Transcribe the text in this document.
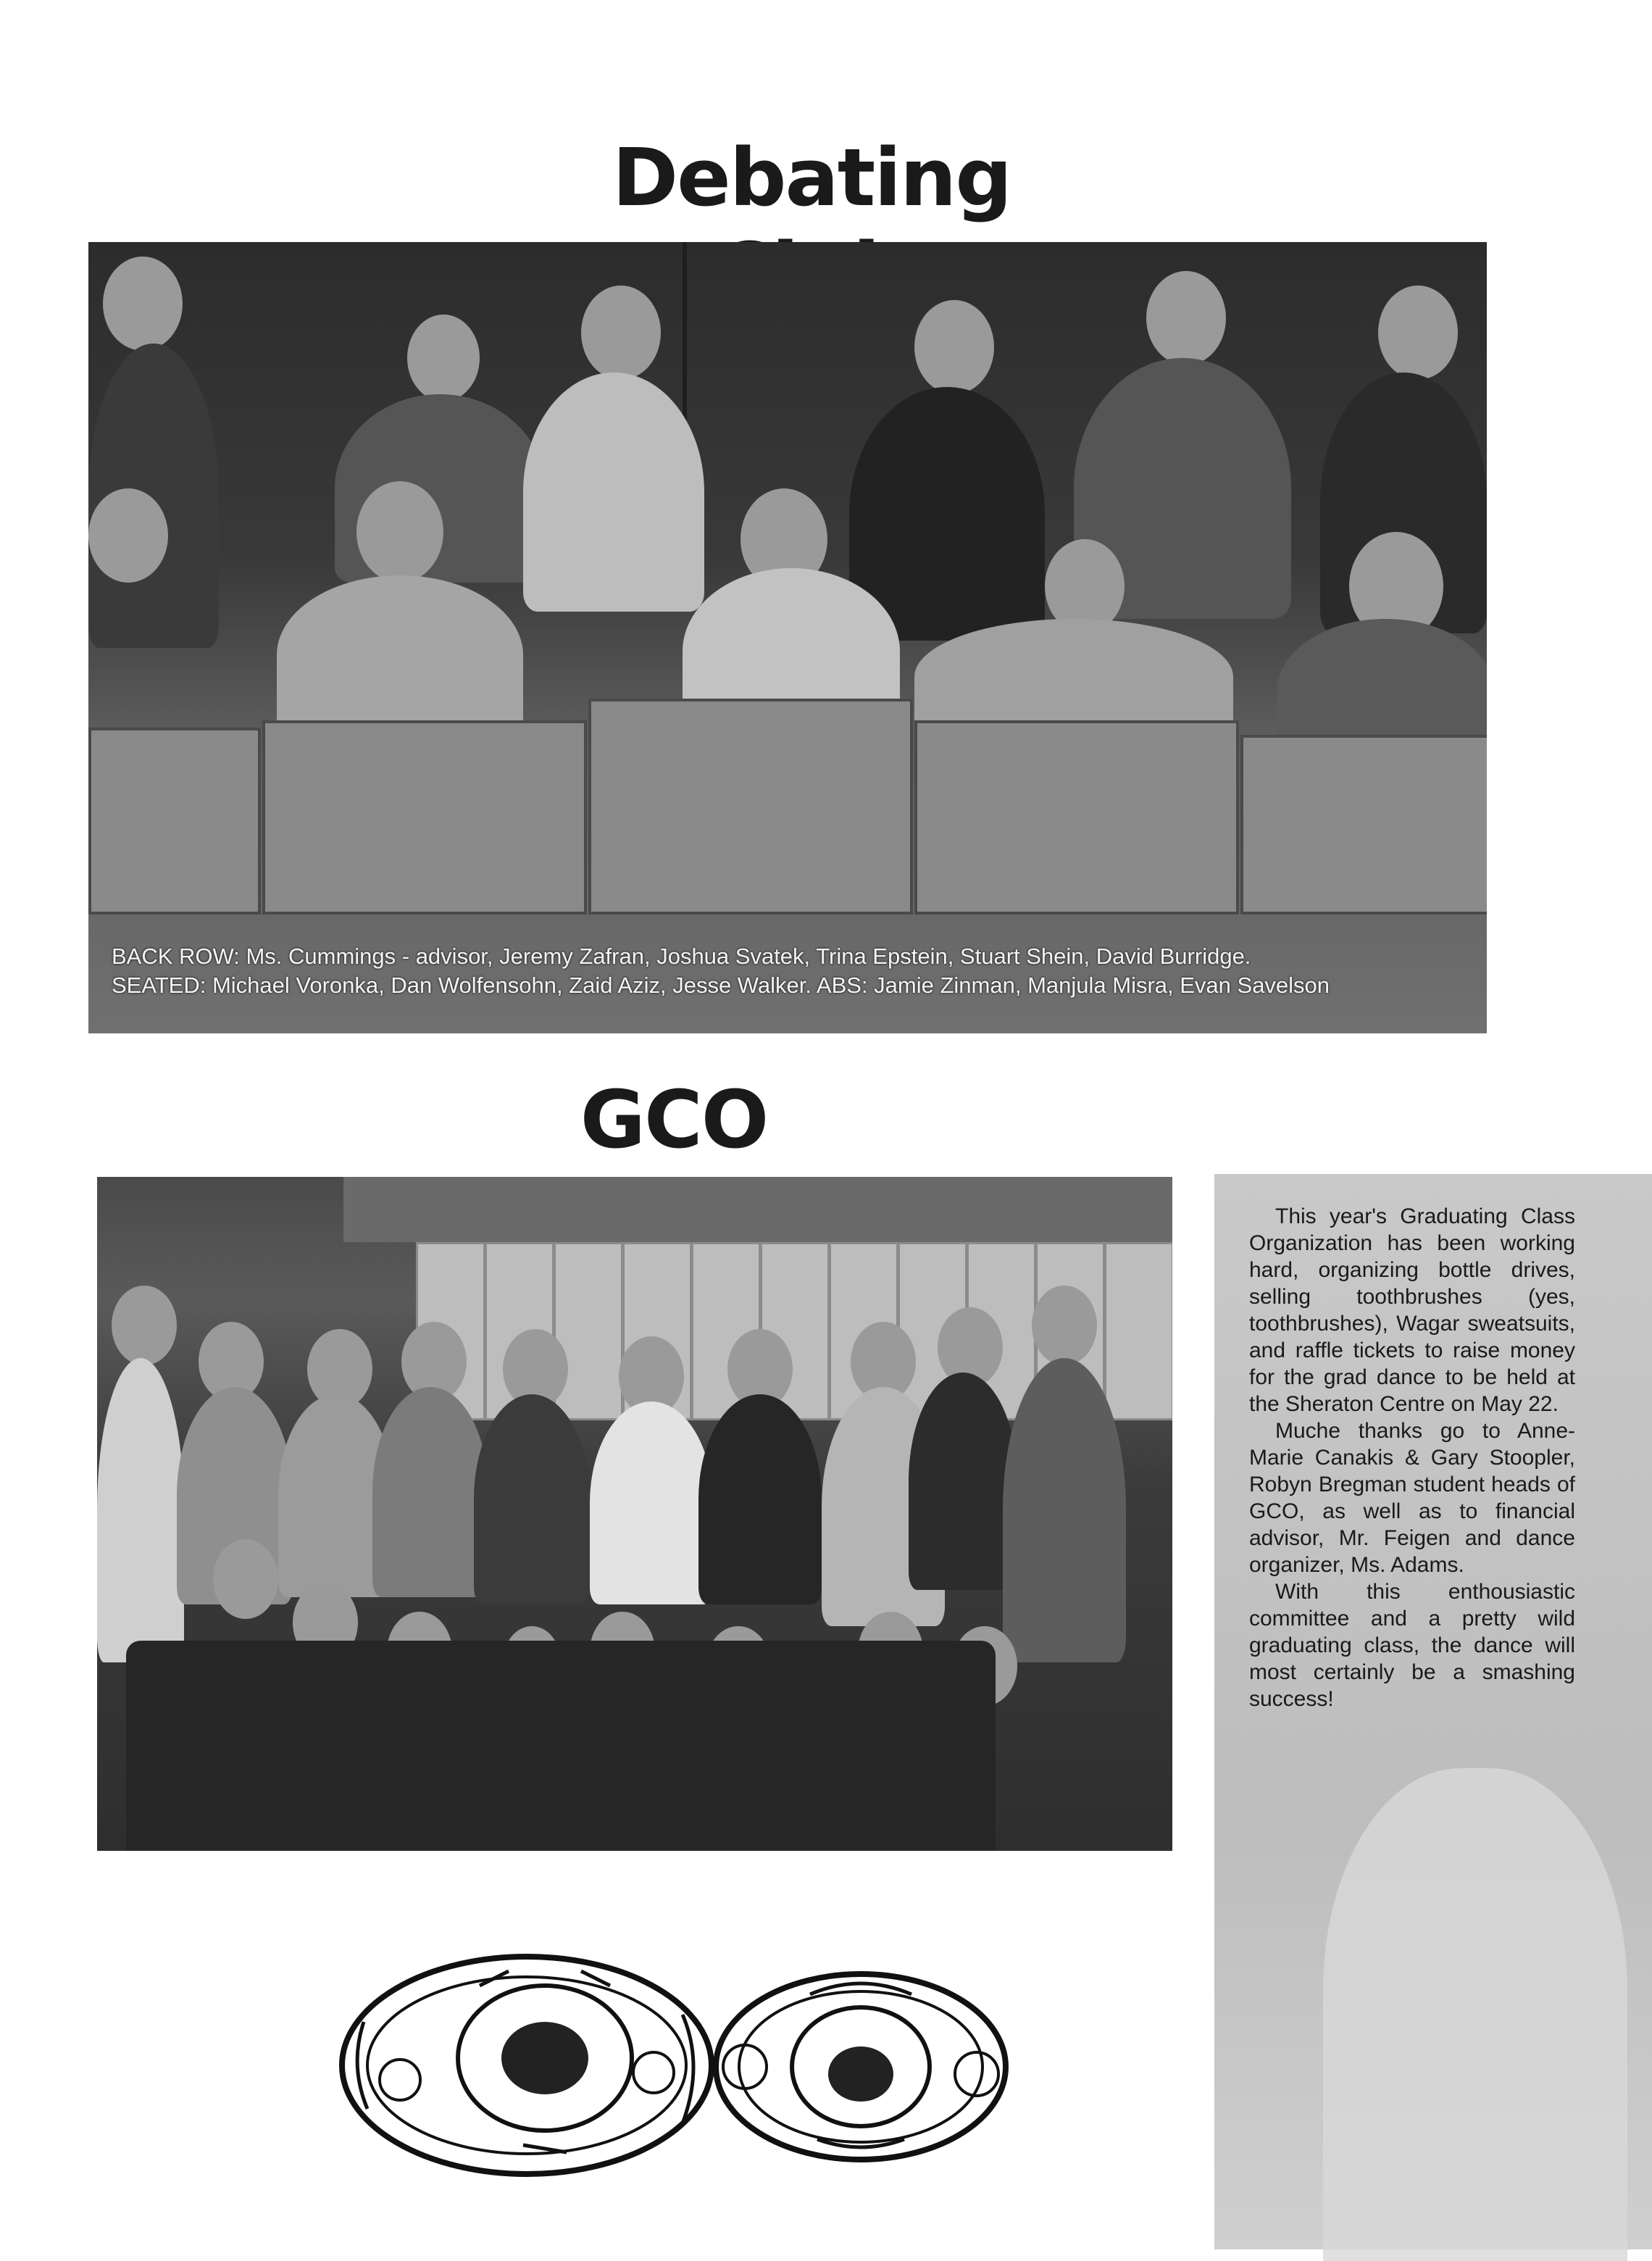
Debating
BACK ROW: Ms. Cummings - advisor, Jeremy Zafran, Joshua Svatek, Trina Epstein, Stuart Shein, David Burridge.
SEATED: Michael Voronka, Dan Wolfensohn, Zaid Aziz, Jesse Walker. ABS: Jamie Zinman, Manjula Misra, Evan Savelson
GCO

This year's Graduating Class Organization has been working hard, organizing bottle drives, selling toothbrushes (yes, toothbrushes), Wagar sweatsuits, and raffle tickets to raise money for the grad dance to be held at the Sheraton Centre on May 22.

Muche thanks go to Anne-Marie Canakis & Gary Stoopler, Robyn Bregman student heads of GCO, as well as to financial advisor, Mr. Feigen and dance organizer, Ms. Adams.

With this enthousiastic committee and a pretty wild graduating class, the dance will most certainly be a smashing success!
